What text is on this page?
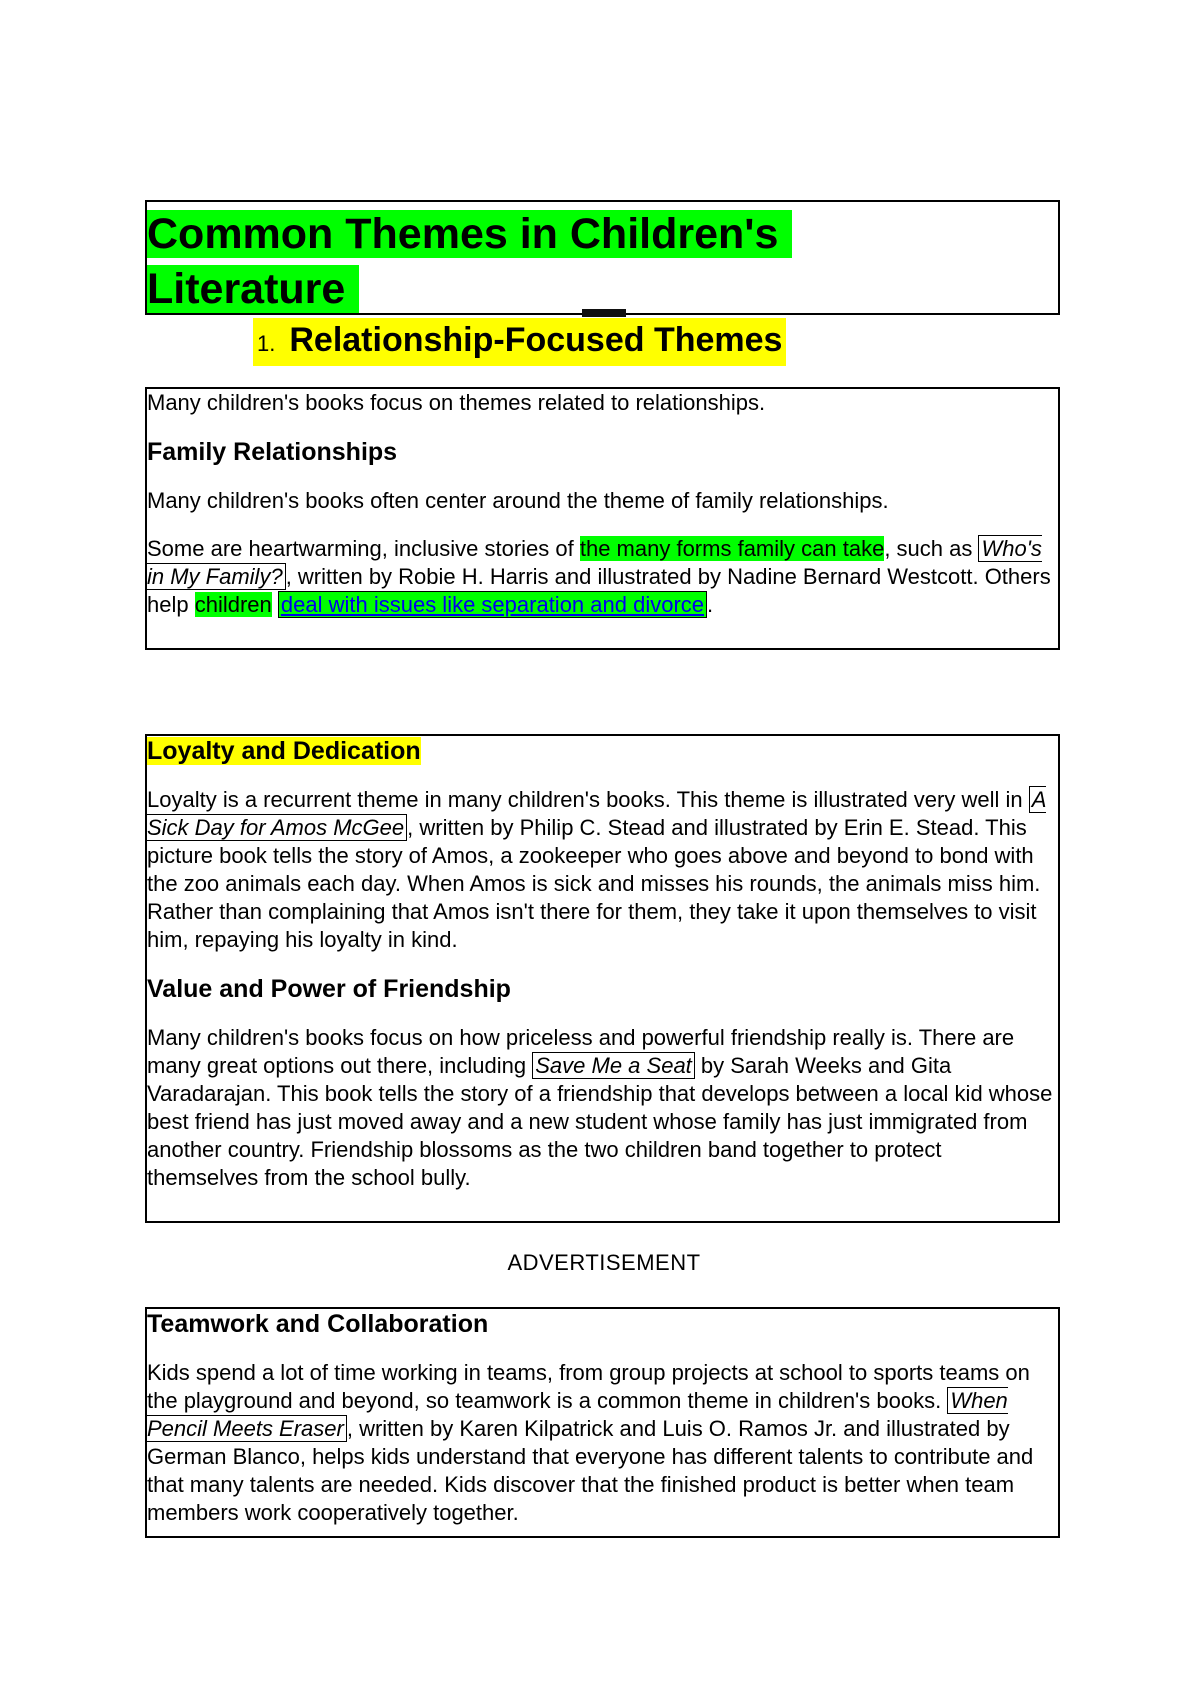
Common Themes in Children's
Literature
1. Relationship-Focused Themes

Many children's books focus on themes related to relationships.

Family Relationships

Many children's books often center around the theme of family relationships.

Some are heartwarming, inclusive stories of the many forms family can take, such as Who's in My Family? , written by Robie H. Harris and illustrated by Nadine Bernard Westcott. Others help children deal with issues like separation and divorce .

Loyalty and Dedication

Loyalty is a recurrent theme in many children's books. This theme is illustrated very well in A Sick Day for Amos McGee , written by Philip C. Stead and illustrated by Erin E. Stead. This picture book tells the story of Amos, a zookeeper who goes above and beyond to bond with the zoo animals each day. When Amos is sick and misses his rounds, the animals miss him. Rather than complaining that Amos isn't there for them, they take it upon themselves to visit him, repaying his loyalty in kind.

Value and Power of Friendship

Many children's books focus on how priceless and powerful friendship really is. There are many great options out there, including Save Me a Seat by Sarah Weeks and Gita Varadarajan. This book tells the story of a friendship that develops between a local kid whose best friend has just moved away and a new student whose family has just immigrated from another country. Friendship blossoms as the two children band together to protect themselves from the school bully.

ADVERTISEMENT
Teamwork and Collaboration

Kids spend a lot of time working in teams, from group projects at school to sports teams on the playground and beyond, so teamwork is a common theme in children's books. When Pencil Meets Eraser , written by Karen Kilpatrick and Luis O. Ramos Jr. and illustrated by German Blanco, helps kids understand that everyone has different talents to contribute and that many talents are needed. Kids discover that the finished product is better when team members work cooperatively together.
